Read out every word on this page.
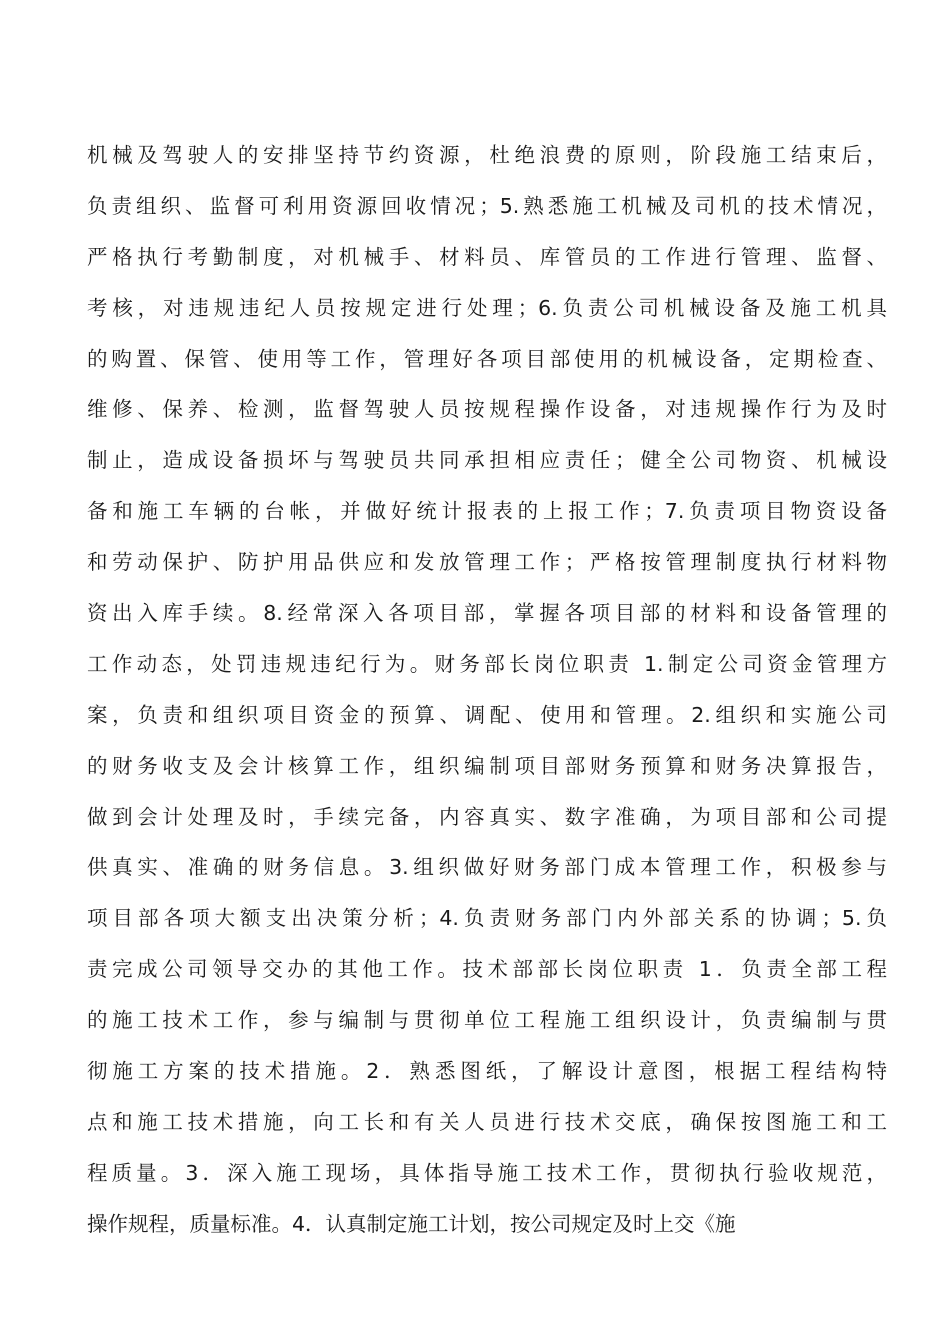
机械及驾驶人的安排坚持节约资源，杜绝浪费的原则，阶段施工结束后，
负责组织、监督可利用资源回收情况；5.熟悉施工机械及司机的技术情况，
严格执行考勤制度，对机械手、材料员、库管员的工作进行管理、监督、
考核，对违规违纪人员按规定进行处理；6.负责公司机械设备及施工机具
的购置、保管、使用等工作，管理好各项目部使用的机械设备，定期检查、
维修、保养、检测，监督驾驶人员按规程操作设备，对违规操作行为及时
制止，造成设备损坏与驾驶员共同承担相应责任；健全公司物资、机械设
备和施工车辆的台帐，并做好统计报表的上报工作；7.负责项目物资设备
和劳动保护、防护用品供应和发放管理工作；严格按管理制度执行材料物
资出入库手续。8.经常深入各项目部，掌握各项目部的材料和设备管理的
工作动态，处罚违规违纪行为。财务部长岗位职责 1.制定公司资金管理方
案，负责和组织项目资金的预算、调配、使用和管理。2.组织和实施公司
的财务收支及会计核算工作，组织编制项目部财务预算和财务决算报告，
做到会计处理及时，手续完备，内容真实、数字准确，为项目部和公司提
供真实、准确的财务信息。3.组织做好财务部门成本管理工作，积极参与
项目部各项大额支出决策分析；4.负责财务部门内外部关系的协调；5.负
责完成公司领导交办的其他工作。技术部部长岗位职责 1．负责全部工程
的施工技术工作，参与编制与贯彻单位工程施工组织设计，负责编制与贯
彻施工方案的技术措施。2．熟悉图纸，了解设计意图，根据工程结构特
点和施工技术措施，向工长和有关人员进行技术交底，确保按图施工和工
程质量。3．深入施工现场，具体指导施工技术工作，贯彻执行验收规范，
操作规程，质量标准。4．认真制定施工计划，按公司规定及时上交《施
